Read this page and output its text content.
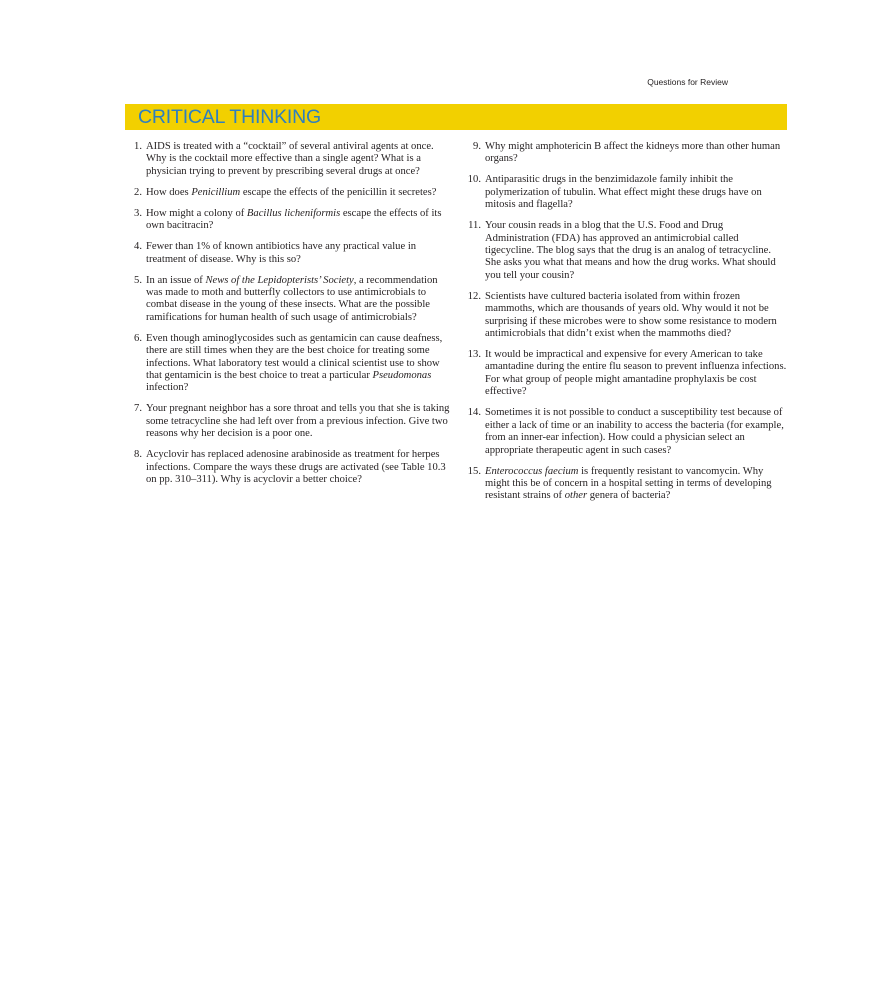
Questions for Review
CRITICAL THINKING
1. AIDS is treated with a “cocktail” of several antiviral agents at once. Why is the cocktail more effective than a single agent? What is a physician trying to prevent by prescribing several drugs at once?
2. How does Penicillium escape the effects of the penicillin it secretes?
3. How might a colony of Bacillus licheniformis escape the effects of its own bacitracin?
4. Fewer than 1% of known antibiotics have any practical value in treatment of disease. Why is this so?
5. In an issue of News of the Lepidopterists’ Society, a recommendation was made to moth and butterfly collectors to use antimicrobials to combat disease in the young of these insects. What are the possible ramifications for human health of such usage of antimicrobials?
6. Even though aminoglycosides such as gentamicin can cause deafness, there are still times when they are the best choice for treating some infections. What laboratory test would a clinical scientist use to show that gentamicin is the best choice to treat a particular Pseudomonas infection?
7. Your pregnant neighbor has a sore throat and tells you that she is taking some tetracycline she had left over from a previous infection. Give two reasons why her decision is a poor one.
8. Acyclovir has replaced adenosine arabinoside as treatment for herpes infections. Compare the ways these drugs are activated (see Table 10.3 on pp. 310–311). Why is acyclovir a better choice?
9. Why might amphotericin B affect the kidneys more than other human organs?
10. Antiparasitic drugs in the benzimidazole family inhibit the polymerization of tubulin. What effect might these drugs have on mitosis and flagella?
11. Your cousin reads in a blog that the U.S. Food and Drug Administration (FDA) has approved an antimicrobial called tigecycline. The blog says that the drug is an analog of tetracycline. She asks you what that means and how the drug works. What should you tell your cousin?
12. Scientists have cultured bacteria isolated from within frozen mammoths, which are thousands of years old. Why would it not be surprising if these microbes were to show some resistance to modern antimicrobials that didn’t exist when the mammoths died?
13. It would be impractical and expensive for every American to take amantadine during the entire flu season to prevent influenza infections. For what group of people might amantadine prophylaxis be cost effective?
14. Sometimes it is not possible to conduct a susceptibility test because of either a lack of time or an inability to access the bacteria (for example, from an inner-ear infection). How could a physician select an appropriate therapeutic agent in such cases?
15. Enterococcus faecium is frequently resistant to vancomycin. Why might this be of concern in a hospital setting in terms of developing resistant strains of other genera of bacteria?
